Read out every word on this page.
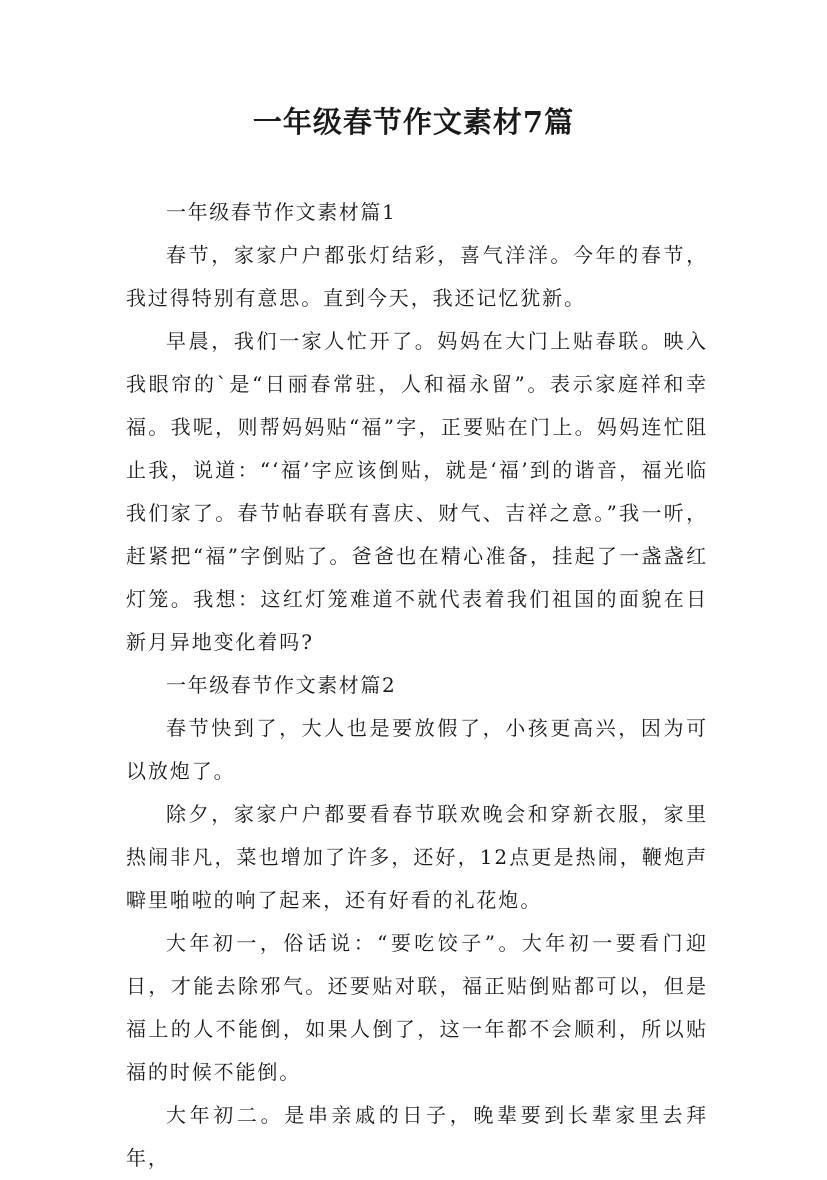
一年级春节作文素材7篇

一年级春节作文素材篇1

春节，家家户户都张灯结彩，喜气洋洋。今年的春节，我过得特别有意思。直到今天，我还记忆犹新。

早晨，我们一家人忙开了。妈妈在大门上贴春联。映入我眼帘的`是“日丽春常驻，人和福永留”。表示家庭祥和幸福。我呢，则帮妈妈贴“福”字，正要贴在门上。妈妈连忙阻止我，说道：“‘福’字应该倒贴，就是‘福’到的谐音，福光临我们家了。春节帖春联有喜庆、财气、吉祥之意。”我一听，赶紧把“福”字倒贴了。爸爸也在精心准备，挂起了一盏盏红灯笼。我想：这红灯笼难道不就代表着我们祖国的面貌在日新月异地变化着吗?

一年级春节作文素材篇2

春节快到了，大人也是要放假了，小孩更高兴，因为可以放炮了。

除夕，家家户户都要看春节联欢晚会和穿新衣服，家里热闹非凡，菜也增加了许多，还好，12点更是热闹，鞭炮声噼里啪啦的响了起来，还有好看的礼花炮。

大年初一，俗话说：“要吃饺子”。大年初一要看门迎日，才能去除邪气。还要贴对联，福正贴倒贴都可以，但是福上的人不能倒，如果人倒了，这一年都不会顺利，所以贴福的时候不能倒。

大年初二。是串亲戚的日子，晚辈要到长辈家里去拜年，
